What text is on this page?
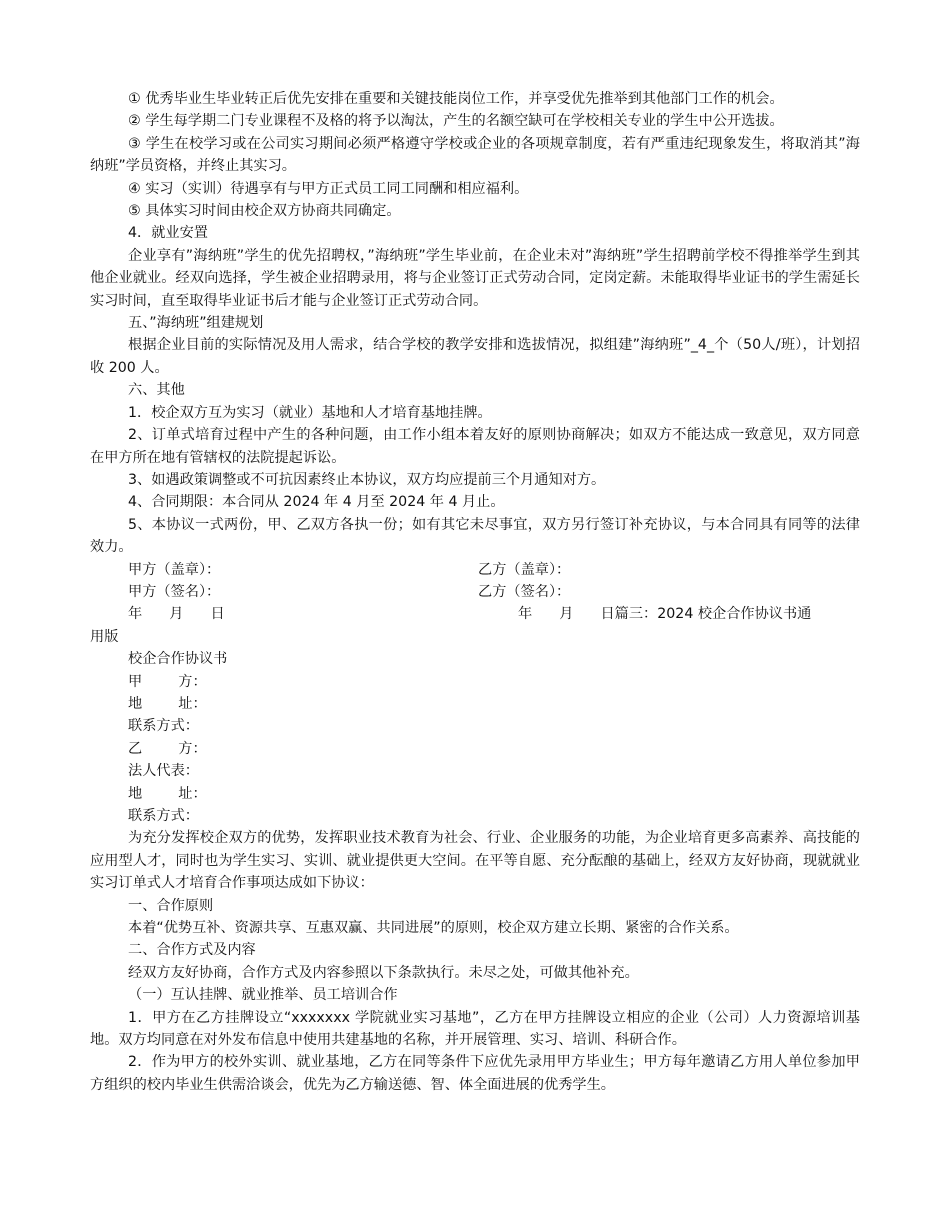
① 优秀毕业生毕业转正后优先安排在重要和关键技能岗位工作，并享受优先推举到其他部门工作的机会。

② 学生每学期二门专业课程不及格的将予以淘汰，产生的名额空缺可在学校相关专业的学生中公开选拔。

③ 学生在校学习或在公司实习期间必须严格遵守学校或企业的各项规章制度，若有严重违纪现象发生，将取消其”海纳班”学员资格，并终止其实习。

④ 实习（实训）待遇享有与甲方正式员工同工同酬和相应福利。

⑤ 具体实习时间由校企双方协商共同确定。

4．就业安置

企业享有”海纳班”学生的优先招聘权，”海纳班”学生毕业前，在企业未对”海纳班”学生招聘前学校不得推举学生到其他企业就业。经双向选择，学生被企业招聘录用，将与企业签订正式劳动合同，定岗定薪。未能取得毕业证书的学生需延长实习时间，直至取得毕业证书后才能与企业签订正式劳动合同。

五、”海纳班”组建规划

根据企业目前的实际情况及用人需求，结合学校的教学安排和选拔情况，拟组建”海纳班”_4_个（50人/班），计划招收 200 人。

六、其他

1．校企双方互为实习（就业）基地和人才培育基地挂牌。

2、订单式培育过程中产生的各种问题，由工作小组本着友好的原则协商解决；如双方不能达成一致意见，双方同意在甲方所在地有管辖权的法院提起诉讼。

3、如遇政策调整或不可抗因素终止本协议，双方均应提前三个月通知对方。

4、合同期限：本合同从 2024 年 4 月至 2024 年 4 月止。

5、本协议一式两份，甲、乙双方各执一份；如有其它未尽事宜，双方另行签订补充协议，与本合同具有同等的法律效力。

甲方（盖章）：	乙方（盖章）：
甲方（签名）：	乙方（签名）：

年      月      日

	年      月      日篇三：2024 校企合作协议书通

用版

校企合作协议书

甲        方：

地        址：

联系方式：

乙        方：

法人代表：

地        址：

联系方式：

为充分发挥校企双方的优势，发挥职业技术教育为社会、行业、企业服务的功能，为企业培育更多高素养、高技能的应用型人才，同时也为学生实习、实训、就业提供更大空间。在平等自愿、充分酝酿的基础上，经双方友好协商，现就就业实习订单式人才培育合作事项达成如下协议：

一、合作原则

本着“优势互补、资源共享、互惠双赢、共同进展”的原则，校企双方建立长期、紧密的合作关系。

二、合作方式及内容

经双方友好协商，合作方式及内容参照以下条款执行。未尽之处，可做其他补充。

（一）互认挂牌、就业推举、员工培训合作

1．甲方在乙方挂牌设立“xxxxxxx 学院就业实习基地”，乙方在甲方挂牌设立相应的企业（公司）人力资源培训基地。双方均同意在对外发布信息中使用共建基地的名称，并开展管理、实习、培训、科研合作。

2．作为甲方的校外实训、就业基地，乙方在同等条件下应优先录用甲方毕业生；甲方每年邀请乙方用人单位参加甲方组织的校内毕业生供需洽谈会，优先为乙方输送德、智、体全面进展的优秀学生。
